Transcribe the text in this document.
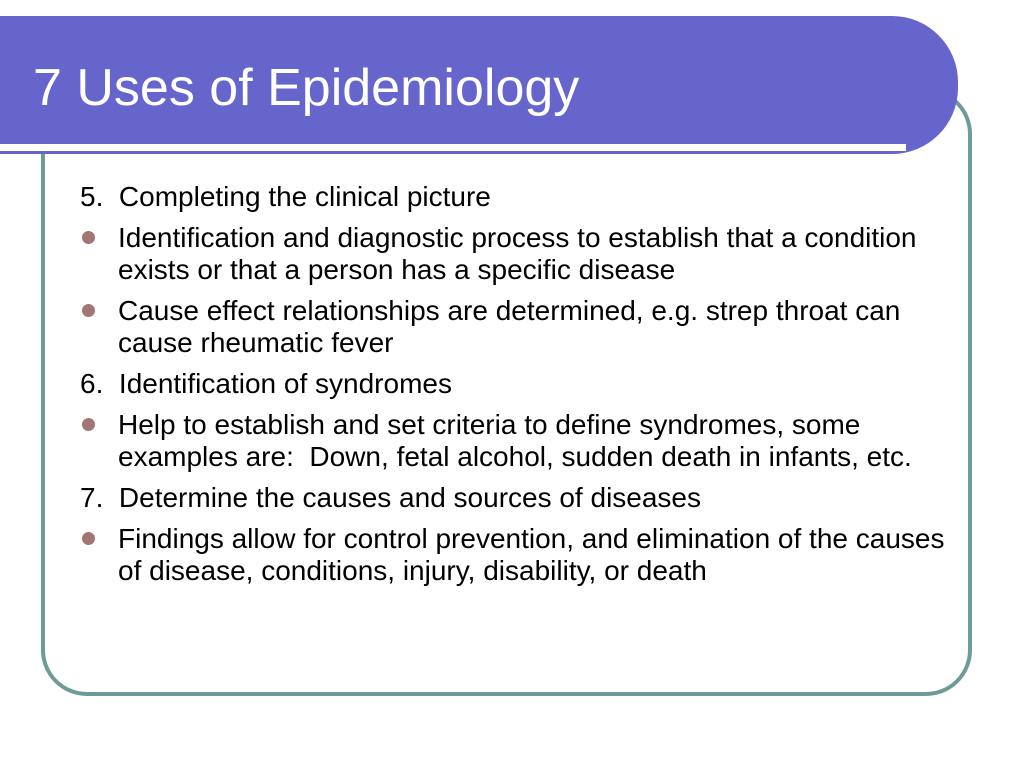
7 Uses of Epidemiology
5.  Completing the clinical picture
Identification and diagnostic process to establish that a condition exists or that a person has a specific disease
Cause effect relationships are determined, e.g. strep throat can cause rheumatic fever
6.  Identification of syndromes
Help to establish and set criteria to define syndromes, some examples are:  Down, fetal alcohol, sudden death in infants, etc.
7.  Determine the causes and sources of diseases
Findings allow for control prevention, and elimination of the causes of disease, conditions, injury, disability, or death
